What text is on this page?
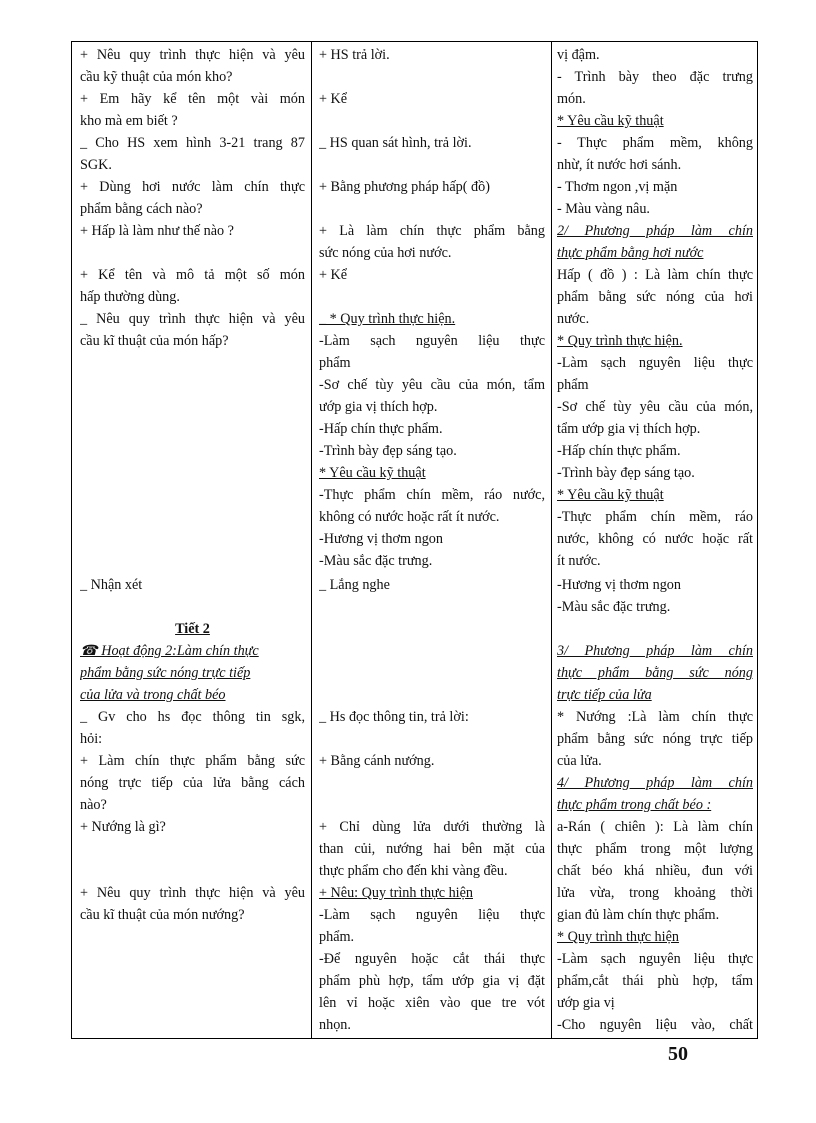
+ Nêu quy trình thực hiện và yêu
cầu kỹ thuật của món kho?
+ Em hãy kể tên một vài món
kho mà em biết ?
_ Cho HS xem hình 3-21 trang 87
SGK.
+ Dùng hơi nước làm chín thực
phẩm bằng cách nào?
+ Hấp là làm như thế nào ?
+ Kể tên và mô tả một số món
hấp thường dùng.
_ Nêu quy trình thực hiện và yêu
cầu kĩ thuật của món hấp?
_ Nhận xét
Tiết 2
☎ Hoạt động 2:Làm chín thực
phẩm bằng sức nóng trực tiếp
của lửa và trong chất béo
_ Gv cho hs đọc thông tin sgk,
hỏi:
+ Làm chín thực phẩm bằng sức
nóng trực tiếp của lửa bằng cách
nào?
+ Nướng là gì?
+ Nêu quy trình thực hiện và yêu
cầu kĩ thuật của món nướng?
+ HS trả lời.
+ Kể
_ HS quan sát hình, trả lời.
+ Bằng phương pháp hấp( đồ)
+ Là làm chín thực phẩm bằng
sức nóng của hơi nước.
+ Kể
_ * Quy trình thực hiện.
-Làm sạch nguyên liệu thực
phẩm
-Sơ chế tùy yêu cầu của món, tẩm
ướp gia vị thích hợp.
-Hấp chín thực phẩm.
-Trình bày đẹp sáng tạo.
* Yêu cầu kỹ thuật
-Thực phẩm chín mềm, ráo nước,
không có nước hoặc rất ít nước.
-Hương vị thơm ngon
-Màu sắc đặc trưng.
_ Lắng nghe
_ Hs đọc thông tin, trả lời:
+ Bằng cánh nướng.
+ Chỉ dùng lửa dưới thường là
than củi, nướng hai bên mặt của
thực phẩm cho đến khi vàng đều.
+ Nêu: Quy trình thực hiện
-Làm sạch nguyên liệu thực
phẩm.
-Để nguyên hoặc cắt thái thực
phẩm phù hợp, tẩm ướp gia vị đặt
lên vỉ hoặc xiên vào que tre vót
nhọn.
vị đậm.
- Trình bày theo đặc trưng
món.
* Yêu cầu kỹ thuật
- Thực phẩm mềm, không
nhừ, ít nước hơi sánh.
- Thơm ngon ,vị mặn
- Màu vàng nâu.
2/ Phương pháp làm chín
thực phẩm bằng hơi nước
Hấp ( đồ ) : Là làm chín thực
phẩm bằng sức nóng của hơi
nước.
* Quy trình thực hiện.
-Làm sạch nguyên liệu thực
phẩm
-Sơ chế tùy yêu cầu của món,
tẩm ướp gia vị thích hợp.
-Hấp chín thực phẩm.
-Trình bày đẹp sáng tạo.
* Yêu cầu kỹ thuật
-Thực phẩm chín mềm, ráo
nước, không có nước hoặc rất
ít nước.
-Hương vị thơm ngon
-Màu sắc đặc trưng.
3/ Phương pháp làm chín
thực phẩm bằng sức nóng
trực tiếp của lửa
* Nướng :Là làm chín thực
phẩm bằng sức nóng trực tiếp
của lửa.
4/ Phương pháp làm chín
thực phẩm trong chất béo :
a-Rán ( chiên ): Là làm chín
thực phẩm trong một lượng
chất béo khá nhiều, đun với
lửa vừa, trong khoảng thời
gian đủ làm chín thực phẩm.
* Quy trình thực hiện
-Làm sạch nguyên liệu thực
phẩm,cắt thái phù hợp, tẩm
ướp gia vị
-Cho nguyên liệu vào, chất
50
